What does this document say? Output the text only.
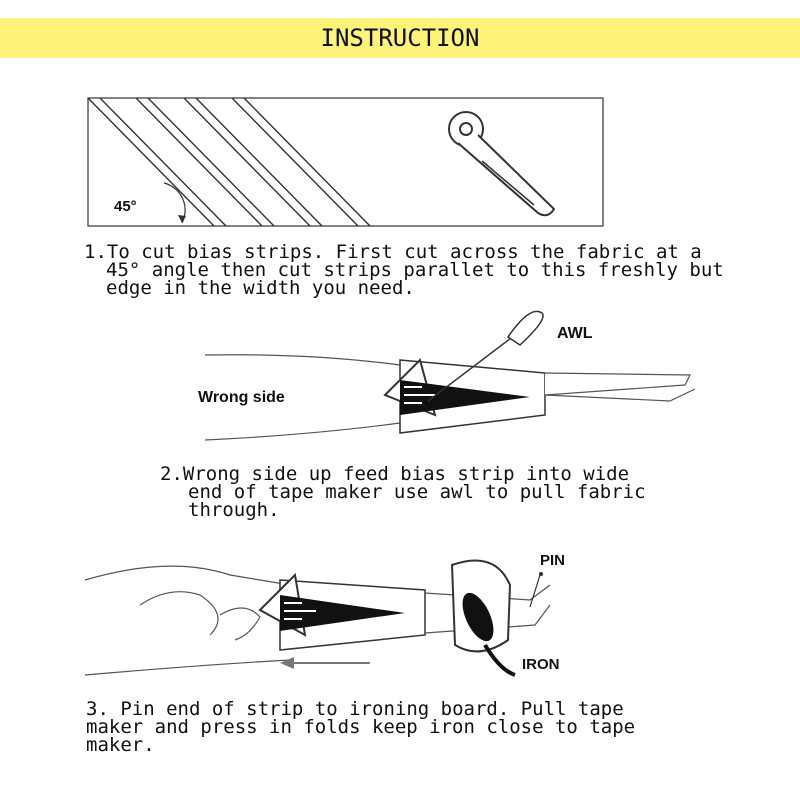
INSTRUCTION
45°
AWL
Wrong side
PIN
IRON
1.To cut bias strips. First cut across the fabric at a
45° angle then cut strips parallet to this freshly but
edge in the width you need.
2.Wrong side up feed bias strip into wide
end of tape maker use awl to pull fabric
through.
3. Pin end of strip to ironing board. Pull tape
maker and press in folds keep iron close to tape
maker.
